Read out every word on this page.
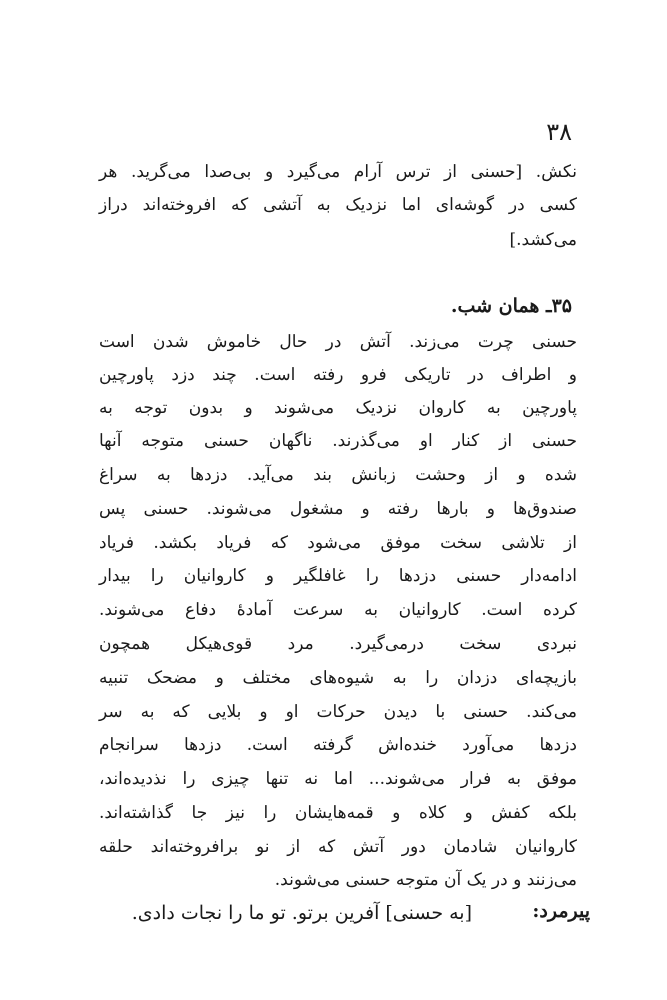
۳۸
نکش. [حسنی از ترس آرام می‌گیرد و بی‌صدا می‌گرید. هر
کسی در گوشه‌ای اما نزدیک به آتشی که افروخته‌اند دراز
می‌کشد.]
۳۵ـ همان شب.
حسنی چرت می‌زند. آتش در حال خاموش شدن است
و اطراف در تاریکی فرو رفته است. چند دزد پاورچین
پاورچین به کاروان نزدیک می‌شوند و بدون توجه به
حسنی از کنار او می‌گذرند. ناگهان حسنی متوجه آنها
شده و از وحشت زبانش بند می‌آید. دزدها به سراغ
صندوق‌ها و بارها رفته و مشغول می‌شوند. حسنی پس
از تلاشی سخت موفق می‌شود که فریاد بکشد. فریاد
ادامه‌دار حسنی دزدها را غافلگیر و کاروانیان را بیدار
کرده است. کاروانیان به سرعت آمادهٔ دفاع می‌شوند.
نبردی سخت درمی‌گیرد. مرد قوی‌هیکل همچون
بازیچه‌ای دزدان را به شیوه‌های مختلف و مضحک تنبیه
می‌کند. حسنی با دیدن حرکات او و بلایی که به سر
دزدها می‌آورد خنده‌اش گرفته است. دزدها سرانجام
موفق به فرار می‌شوند... اما نه تنها چیزی را نذدیده‌اند،
بلکه کفش و کلاه و قمه‌هایشان را نیز جا گذاشته‌اند.
کاروانیان شادمان دور آتش که از نو برافروخته‌اند حلقه
می‌زنند و در یک آن متوجه حسنی می‌شوند.
پیرمرد:
[به حسنی] آفرین برتو. تو ما را نجات دادی.
